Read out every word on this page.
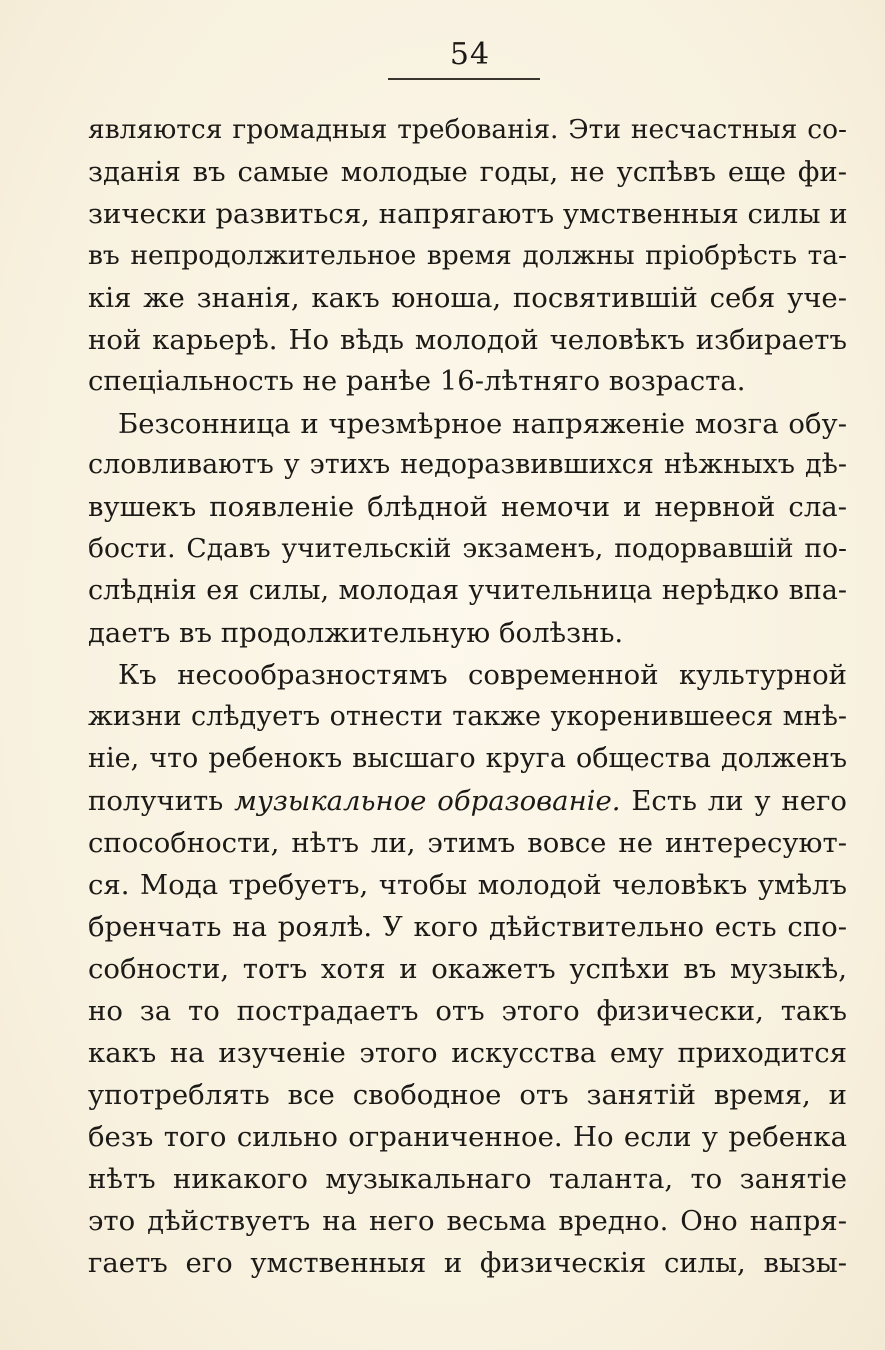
54
являются громадныя требованія. Эти несчастныя со-
зданія въ самые молодые годы, не успѣвъ еще фи-
зически развиться, напрягаютъ умственныя силы и
въ непродолжительное время должны пріобрѣсть та-
кія же знанія, какъ юноша, посвятившій себя уче-
ной карьерѣ. Но вѣдь молодой человѣкъ избираетъ
спеціальность не ранѣе 16-лѣтняго возраста.
Безсонница и чрезмѣрное напряженіе мозга обу-
словливаютъ у этихъ недоразвившихся нѣжныхъ дѣ-
вушекъ появленіе блѣдной немочи и нервной сла-
бости. Сдавъ учительскій экзаменъ, подорвавшій по-
слѣднія ея силы, молодая учительница нерѣдко впа-
даетъ въ продолжительную болѣзнь.
Къ несообразностямъ современной культурной
жизни слѣдуетъ отнести также укоренившееся мнѣ-
ніе, что ребенокъ высшаго круга общества долженъ
получить музыкальное образованіе. Есть ли у него
способности, нѣтъ ли, этимъ вовсе не интересуют-
ся. Мода требуетъ, чтобы молодой человѣкъ умѣлъ
бренчать на роялѣ. У кого дѣйствительно есть спо-
собности, тотъ хотя и окажетъ успѣхи въ музыкѣ,
но за то пострадаетъ отъ этого физически, такъ
какъ на изученіе этого искусства ему приходится
употреблять все свободное отъ занятій время, и
безъ того сильно ограниченное. Но если у ребенка
нѣтъ никакого музыкальнаго таланта, то занятіе
это дѣйствуетъ на него весьма вредно. Оно напря-
гаетъ его умственныя и физическія силы, вызы-
